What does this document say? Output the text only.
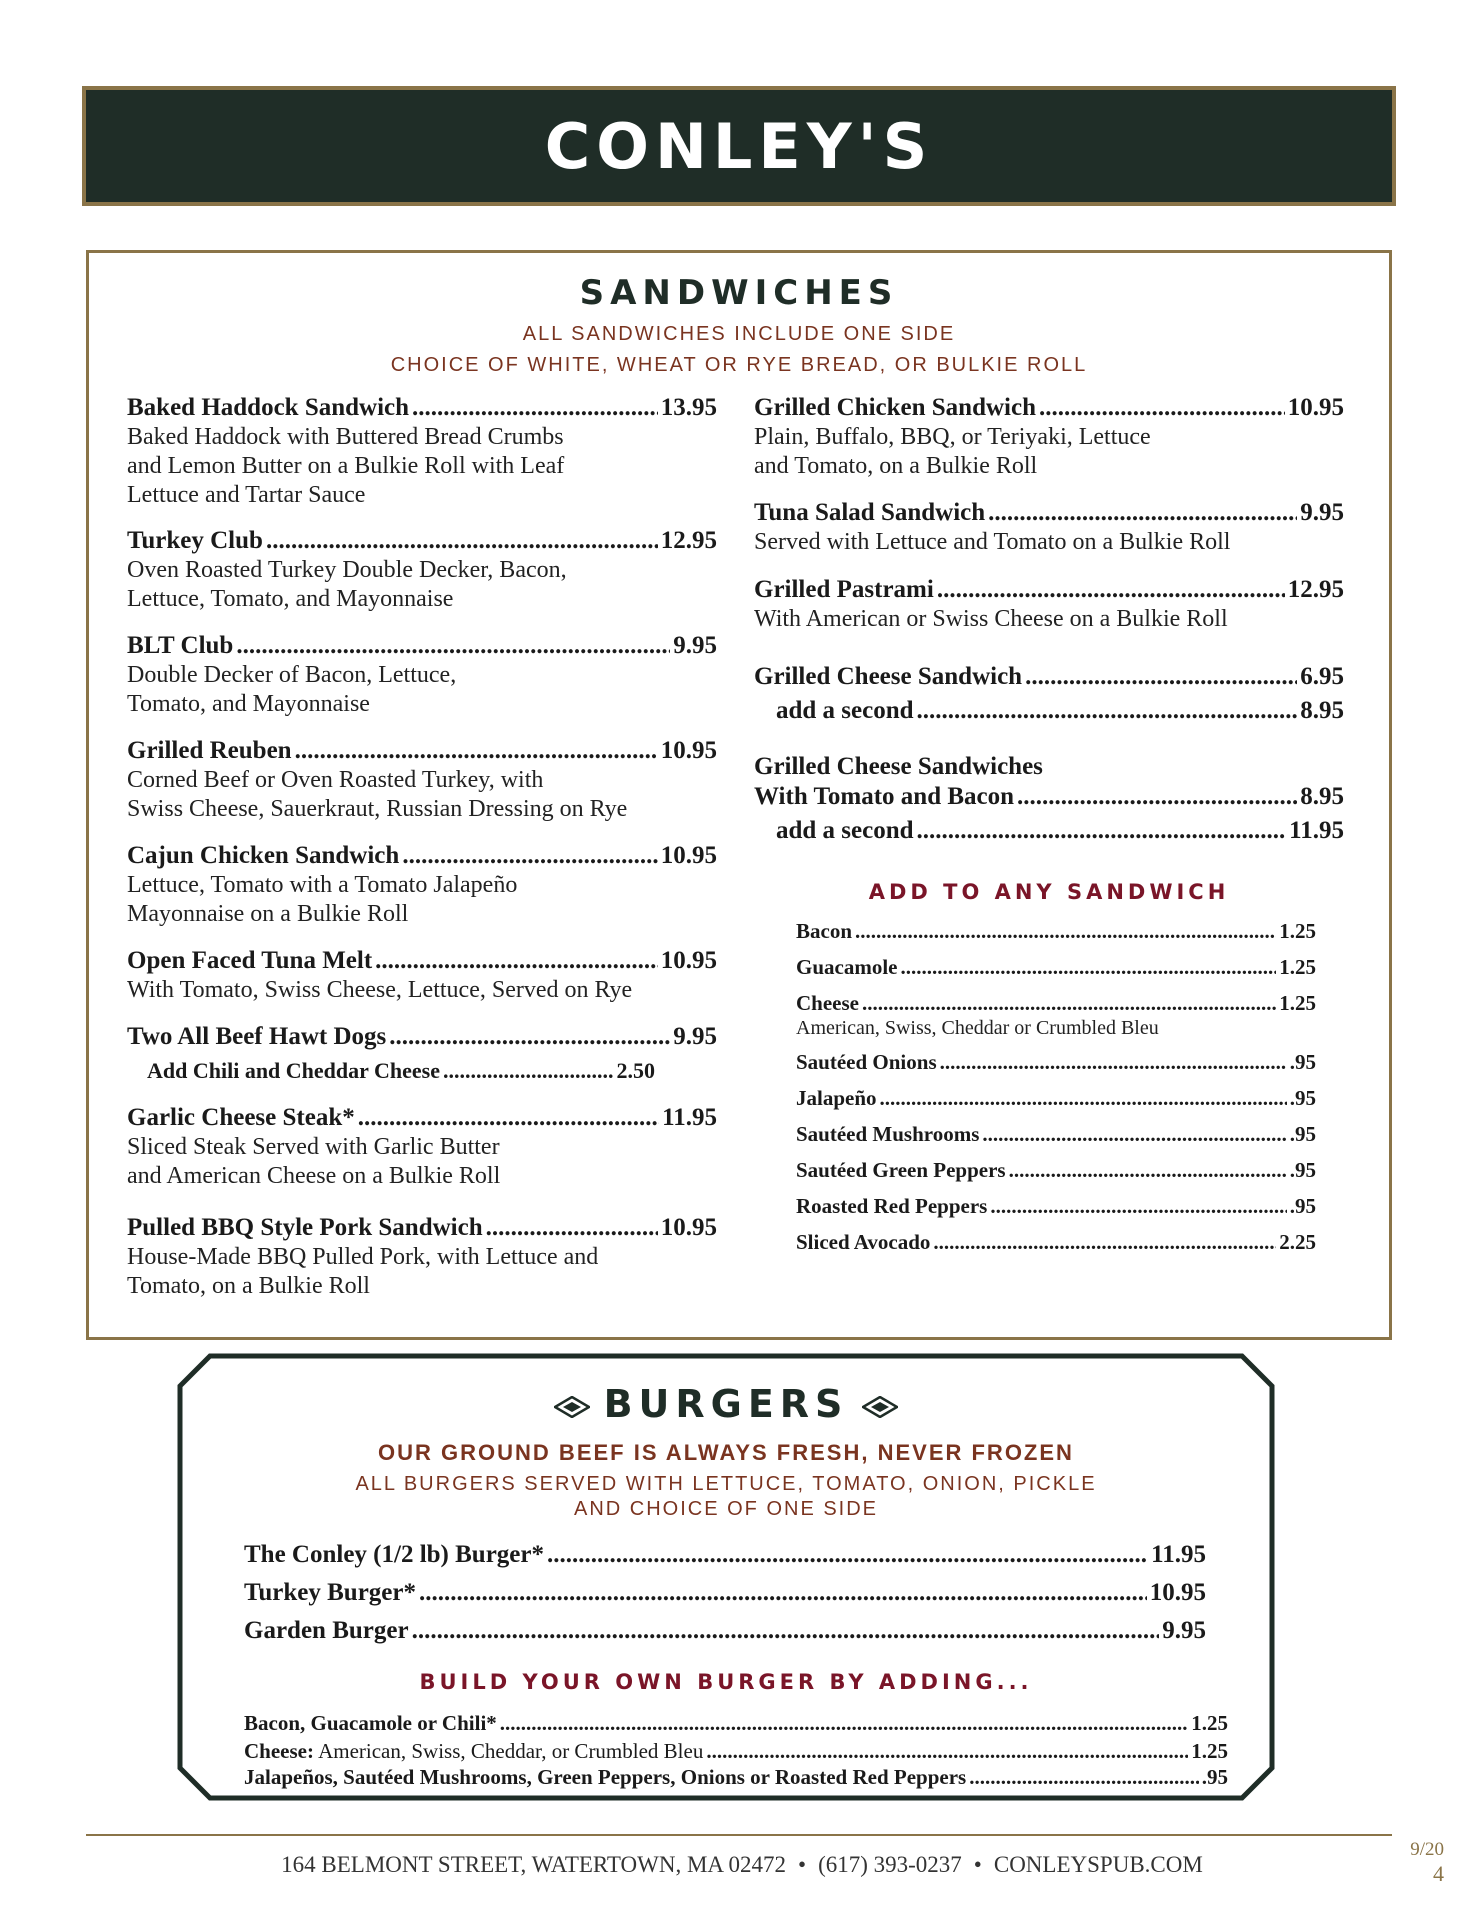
CONLEY'S
SANDWICHES
ALL SANDWICHES INCLUDE ONE SIDE
CHOICE OF WHITE, WHEAT OR RYE BREAD, OR BULKIE ROLL
Baked Haddock Sandwich .....	13.95
Baked Haddock with Buttered Bread Crumbs
and Lemon Butter on a Bulkie Roll with Leaf
Lettuce and Tartar Sauce
Turkey Club .....	12.95
Oven Roasted Turkey Double Decker, Bacon,
Lettuce, Tomato, and Mayonnaise
BLT Club .....	9.95
Double Decker of Bacon, Lettuce,
Tomato, and Mayonnaise
Grilled Reuben .....	10.95
Corned Beef or Oven Roasted Turkey, with
Swiss Cheese, Sauerkraut, Russian Dressing on Rye
Cajun Chicken Sandwich .....	10.95
Lettuce, Tomato with a Tomato Jalapeño
Mayonnaise on a Bulkie Roll
Open Faced Tuna Melt .....	10.95
With Tomato, Swiss Cheese, Lettuce, Served on Rye
Two All Beef Hawt Dogs .....	9.95
Add Chili and Cheddar Cheese .....	2.50
Garlic Cheese Steak* .....	11.95
Sliced Steak Served with Garlic Butter
and American Cheese on a Bulkie Roll
Pulled BBQ Style Pork Sandwich .....	10.95
House-Made BBQ Pulled Pork, with Lettuce and
Tomato, on a Bulkie Roll
Grilled Chicken Sandwich .....	10.95
Plain, Buffalo, BBQ, or Teriyaki, Lettuce
and Tomato, on a Bulkie Roll
Tuna Salad Sandwich .....	9.95
Served with Lettuce and Tomato on a Bulkie Roll
Grilled Pastrami .....	12.95
With American or Swiss Cheese on a Bulkie Roll
Grilled Cheese Sandwich .....	6.95
add a second .....	8.95
Grilled Cheese Sandwiches
With Tomato and Bacon .....	8.95
add a second .....	11.95
ADD TO ANY SANDWICH
Bacon .....	1.25
Guacamole .....	1.25
Cheese .....	1.25
American, Swiss, Cheddar or Crumbled Bleu
Sautéed Onions .....	.95
Jalapeño .....	.95
Sautéed Mushrooms .....	.95
Sautéed Green Peppers .....	.95
Roasted Red Peppers .....	.95
Sliced Avocado .....	2.25
BURGERS
OUR GROUND BEEF IS ALWAYS FRESH, NEVER FROZEN
ALL BURGERS SERVED WITH LETTUCE, TOMATO, ONION, PICKLE
AND CHOICE OF ONE SIDE
The Conley (1/2 lb) Burger* .....	11.95
Turkey Burger* .....	10.95
Garden Burger .....	9.95
BUILD YOUR OWN BURGER BY ADDING...
Bacon, Guacamole or Chili* .....	1.25
Cheese: American, Swiss, Cheddar, or Crumbled Bleu .....	1.25
Jalapeños, Sautéed Mushrooms, Green Peppers, Onions or Roasted Red Peppers .....	.95
164 BELMONT STREET, WATERTOWN, MA 02472 • (617) 393-0237 • CONLEYSPUB.COM
9/20
4
